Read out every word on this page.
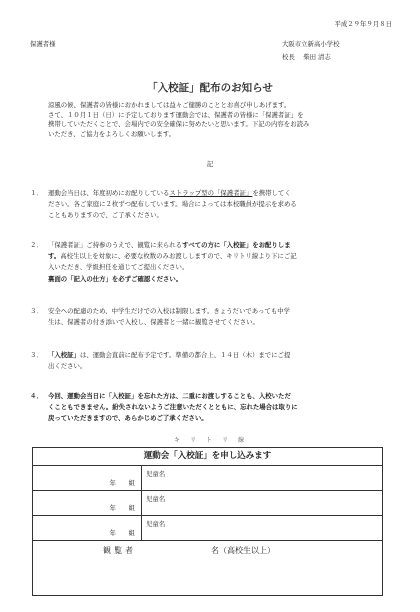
平成２９年９月８日
保護者様	大阪市立新高小学校
校長　 柴田 清志
「入校証」配布のお知らせ
涼風の候、保護者の皆様におかれましては益々ご健勝のこととお喜び申しあげます。
さて、１０月１日（日）に予定しております運動会では、保護者の皆様に「保護者証」を
携帯していただくことで、会場内での安全確保に努めたいと思います。下記の内容をお読み
いただき、ご協力をよろしくお願いします。
記
１． 運動会当日は、年度初めにお配りしているストラップ型の「保護者証」を携帯してく
ださい。各ご家庭に２枚ずつ配布しています。場合によっては本校職員が提示を求める
こともありますので、ご了承ください。
２． 「保護者証」ご持参のうえで、観覧に来られるすべての方に「入校証」をお配りしま
す。高校生以上を対象に、必要な枚数のみお渡ししますので、キリトリ線より下にご記
入いただき、学級担任を通じてご提出ください。
裏面の「記入の仕方」を必ずご確認ください。
３． 安全への配慮のため、中学生だけでの入校は制限します。きょうだいであっても中学
生は、保護者の付き添いで入校し、保護者と一緒に観覧させてください。
３． 「入校証」は、運動会直前に配布予定です。準備の都合上、１４日（木）までにご提
出ください。
４． 今回、運動会当日に「入校証」を忘れた方は、二重にお渡しすることも、入校いただ
くこともできません。紛失されないようご注意いただくとともに、忘れた場合は取りに
戻っていただきますので、あらかじめご了承ください。
キ　リ　ト　リ　線
運動会「入校証」を申し込みます
年　　組
児童名
年　　組
児童名
年　　組
児童名
観覧者	名（高校生以上）
